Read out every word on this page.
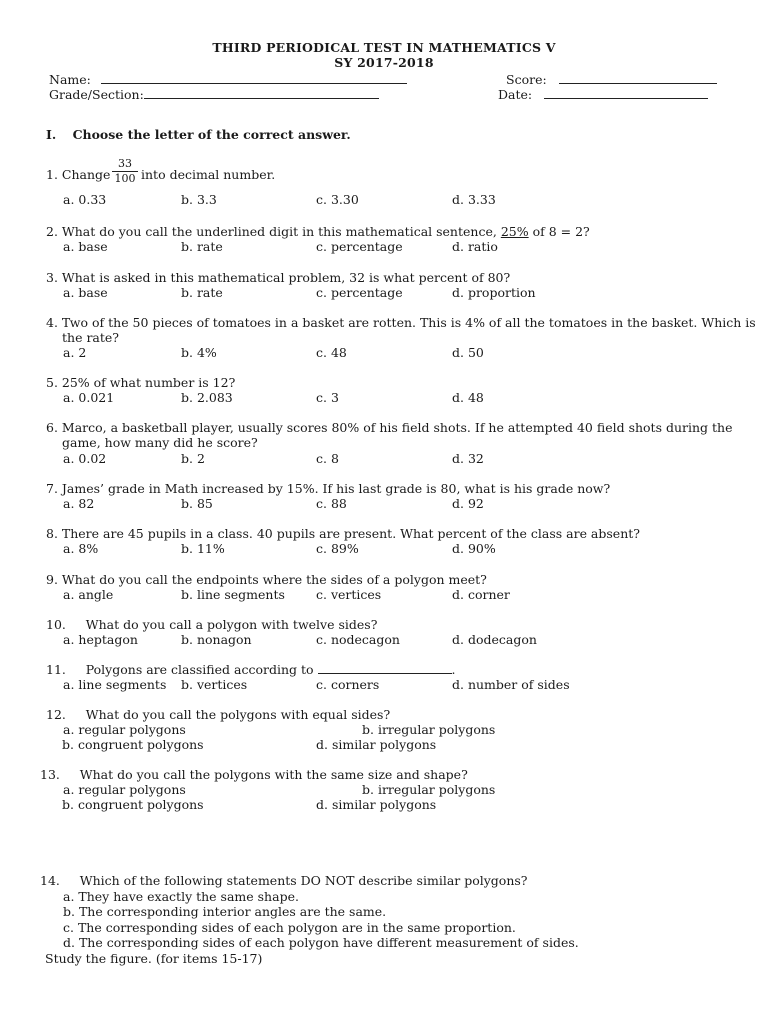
THIRD PERIODICAL TEST IN MATHEMATICS V
SY 2017-2018
Name:	Score:
Grade/Section:	Date:
I. Choose the letter of the correct answer.
1. Change $\frac{33}{100}$ into decimal number.
a. 0.33	b. 3.3	c. 3.30	d. 3.33
2. What do you call the underlined digit in this mathematical sentence, 25% of 8 = 2?
a. base	b. rate	c. percentage	d. ratio
3. What is asked in this mathematical problem, 32 is what percent of 80?
a. base	b. rate	c. percentage	d. proportion
4. Two of the 50 pieces of tomatoes in a basket are rotten. This is 4% of all the tomatoes in the basket. Which is
the rate?
a. 2	b. 4%	c. 48	d. 50
5. 25% of what number is 12?
a. 0.021	b. 2.083	c. 3	d. 48
6. Marco, a basketball player, usually scores 80% of his field shots. If he attempted 40 field shots during the
game, how many did he score?
a. 0.02	b. 2	c. 8	d. 32
7. James’ grade in Math increased by 15%. If his last grade is 80, what is his grade now?
a. 82	b. 85	c. 88	d. 92
8. There are 45 pupils in a class. 40 pupils are present. What percent of the class are absent?
a. 8%	b. 11%	c. 89%	d. 90%
9. What do you call the endpoints where the sides of a polygon meet?
a. angle	b. line segments c. vertices	d. corner
10.     What do you call a polygon with twelve sides?
a. heptagon	b. nonagon	c. nodecagon	d. dodecagon
11.     Polygons are classified according to	.
a. line segments b. vertices	c. corners	d. number of sides
12.     What do you call the polygons with equal sides?
a. regular polygons	b. irregular polygons
b. congruent polygons	d. similar polygons
13.     What do you call the polygons with the same size and shape?
a. regular polygons	b. irregular polygons
b. congruent polygons	d. similar polygons
14.     Which of the following statements DO NOT describe similar polygons?
a. They have exactly the same shape.
b. The corresponding interior angles are the same.
c. The corresponding sides of each polygon are in the same proportion.
d. The corresponding sides of each polygon have different measurement of sides.
Study the figure. (for items 15-17)
